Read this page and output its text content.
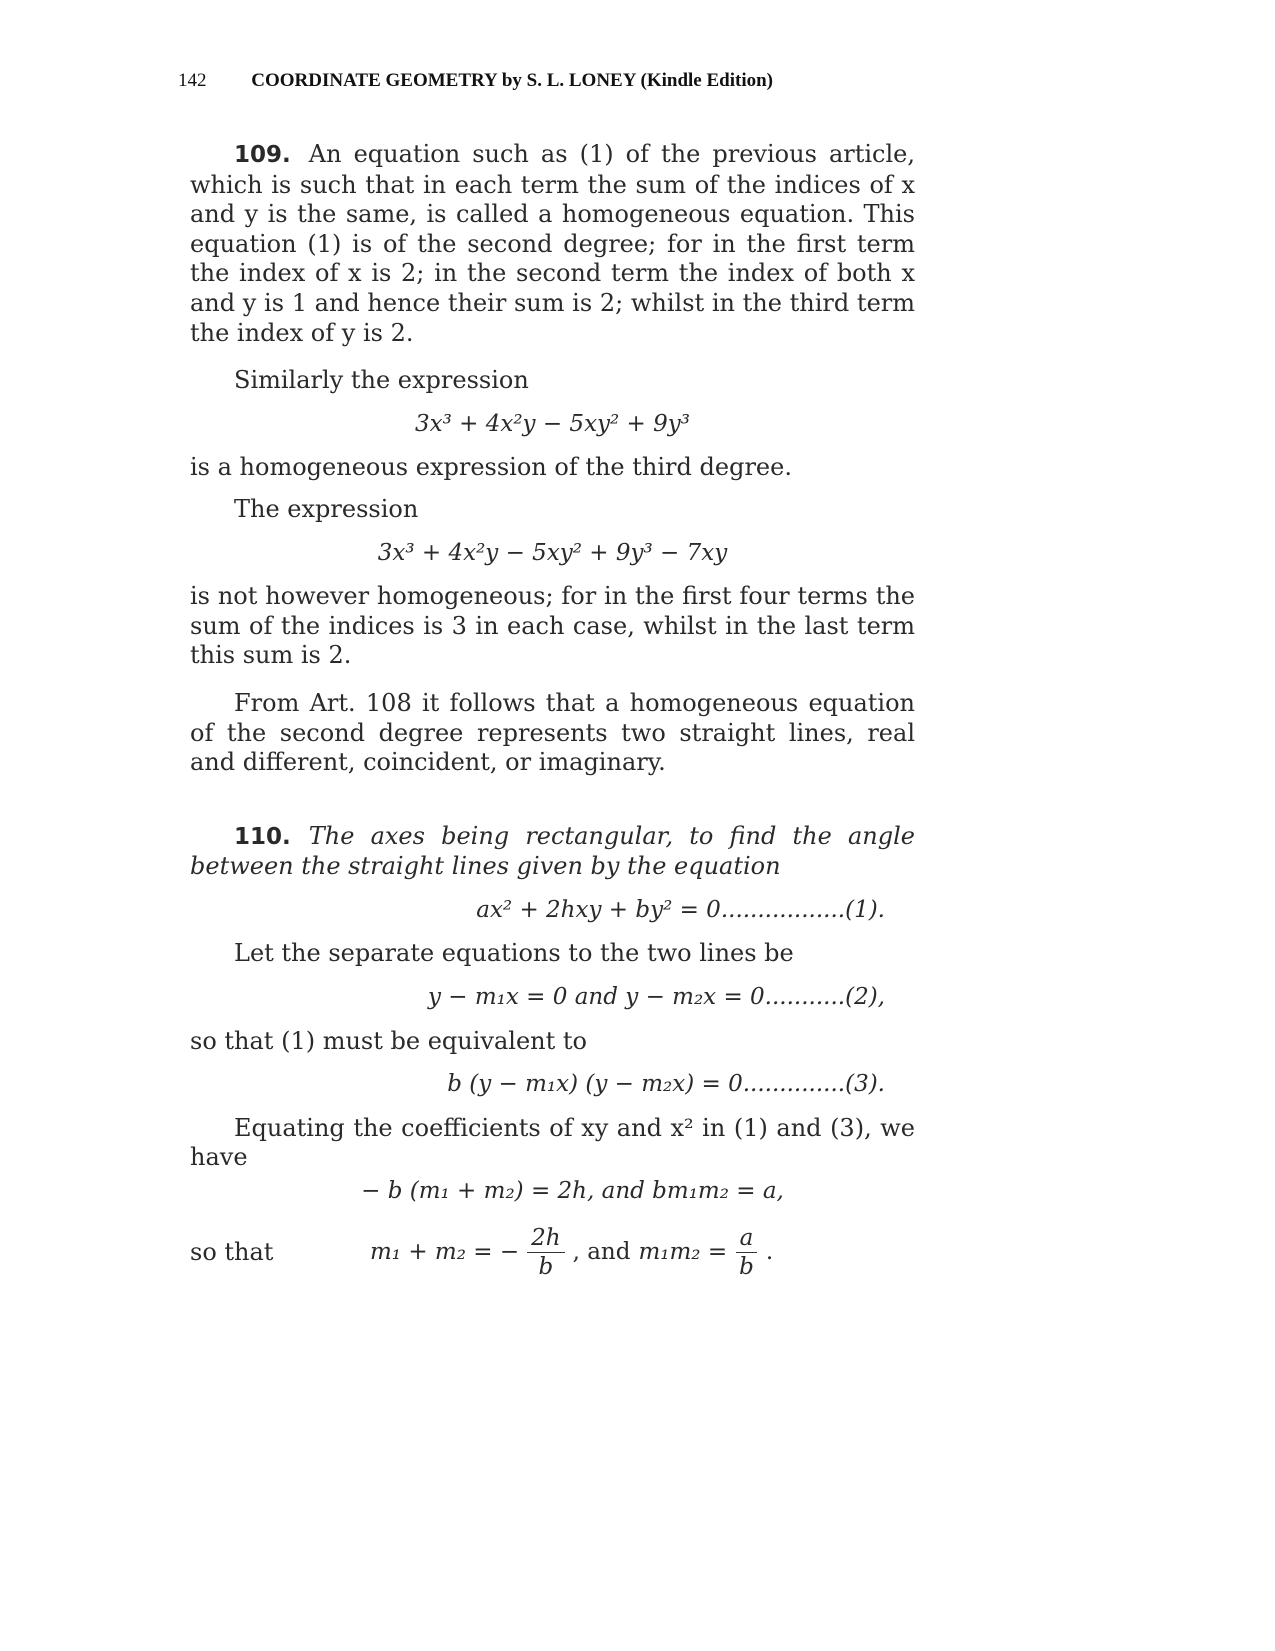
142 COORDINATE GEOMETRY by S. L. LONEY (Kindle Edition)

109. An equation such as (1) of the previous article, which is such that in each term the sum of the indices of x and y is the same, is called a homogeneous equation. This equation (1) is of the second degree; for in the first term the index of x is 2; in the second term the index of both x and y is 1 and hence their sum is 2; whilst in the third term the index of y is 2.

Similarly the expression

3x³ + 4x²y − 5xy² + 9y³

is a homogeneous expression of the third degree.

The expression

3x³ + 4x²y − 5xy² + 9y³ − 7xy

is not however homogeneous; for in the first four terms the sum of the indices is 3 in each case, whilst in the last term this sum is 2.

From Art. 108 it follows that a homogeneous equation of the second degree represents two straight lines, real and different, coincident, or imaginary.

110. The axes being rectangular, to find the angle between the straight lines given by the equation

ax² + 2hxy + by² = 0.................(1).

Let the separate equations to the two lines be

y − m₁x = 0 and y − m₂x = 0...........(2),

so that (1) must be equivalent to

b (y − m₁x) (y − m₂x) = 0..............(3).

Equating the coefficients of xy and x² in (1) and (3), we have

− b (m₁ + m₂) = 2h, and bm₁m₂ = a,
so that	m₁ + m₂ = − $\frac{2h}{b}$ , and $m_1m_2 = \frac{a}{b}$ .
